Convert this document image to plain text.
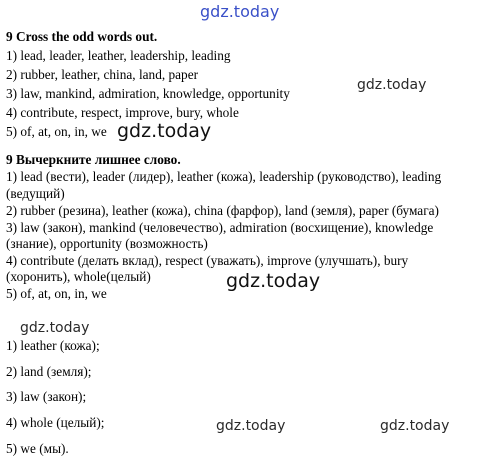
gdz.today
gdz.today
gdz.today
gdz.today
gdz.today
gdz.today	gdz.today
9 Cross the odd words out.
1) lead, leader, leather, leadership, leading
2) rubber, leather, china, land, paper
3) law, mankind, admiration, knowledge, opportunity
4) contribute, respect, improve, bury, whole
5) of, at, on, in, we
9 Вычеркните лишнее слово.
1) lead (вести), leader (лидер), leather (кожа), leadership (руководство), leading
(ведущий)
2) rubber (резина), leather (кожа), china (фарфор), land (земля), paper (бумага)
3) law (закон), mankind (человечество), admiration (восхищение), knowledge
(знание), opportunity (возможность)
4) contribute (делать вклад), respect (уважать), improve (улучшать), bury
(хоронить), whole(целый)
5) of, at, on, in, we
1) leather (кожа);
2) land (земля);
3) law (закон);
4) whole (целый);
5) we (мы).
